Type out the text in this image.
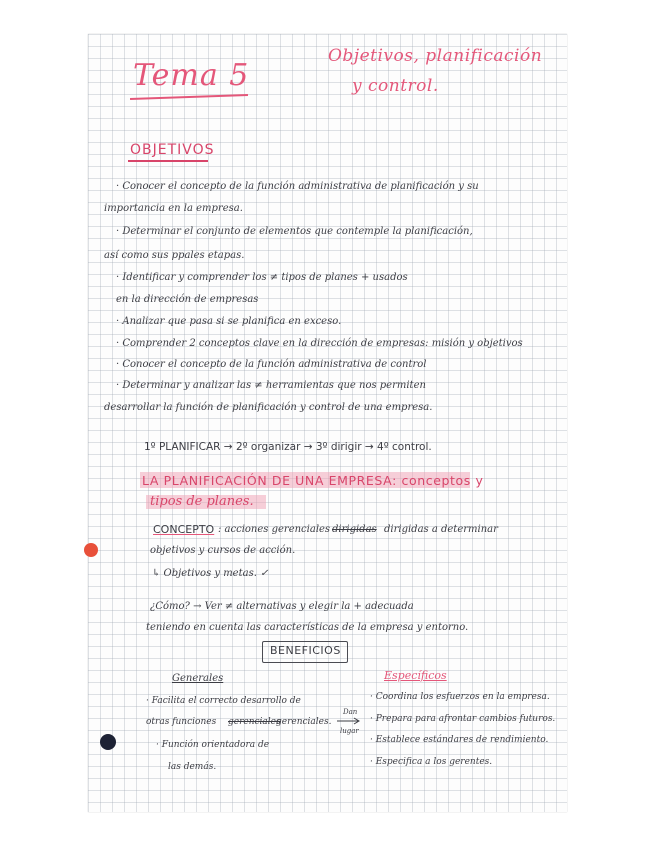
Tema 5
Objetivos, planificación
y control.
OBJETIVOS
· Conocer el concepto de la función administrativa de planificación y su
importancia en la empresa.
· Determinar el conjunto de elementos que contemple la planificación,
así como sus ppales etapas.
· Identificar y comprender los ≠ tipos de planes + usados
en la dirección de empresas
· Analizar que pasa si se planifica en exceso.
· Comprender 2 conceptos clave en la dirección de empresas: misión y objetivos
· Conocer el concepto de la función administrativa de control
· Determinar y analizar las ≠ herramientas que nos permiten
desarrollar la función de planificación y control de una empresa.
1º PLANIFICAR → 2º organizar → 3º dirigir → 4º control.
LA PLANIFICACIÓN DE UNA EMPRESA: conceptos y
tipos de planes.
CONCEPTO : acciones gerenciales dirigidas dirigidas a determinar
objetivos y cursos de acción.
↳ Objetivos y metas. ✓
¿Cómo? → Ver ≠ alternativas y elegir la + adecuada
teniendo en cuenta las características de la empresa y entorno.
BENEFICIOS
Generales
· Facilita el correcto desarrollo de
otras funciones gerenciales
gerenciales.
· Función orientadora de
las demás.
Dan
lugar
Específicos
· Coordina los esfuerzos en la empresa.
· Prepara para afrontar cambios futuros.
· Establece estándares de rendimiento.
· Especifica a los gerentes.
